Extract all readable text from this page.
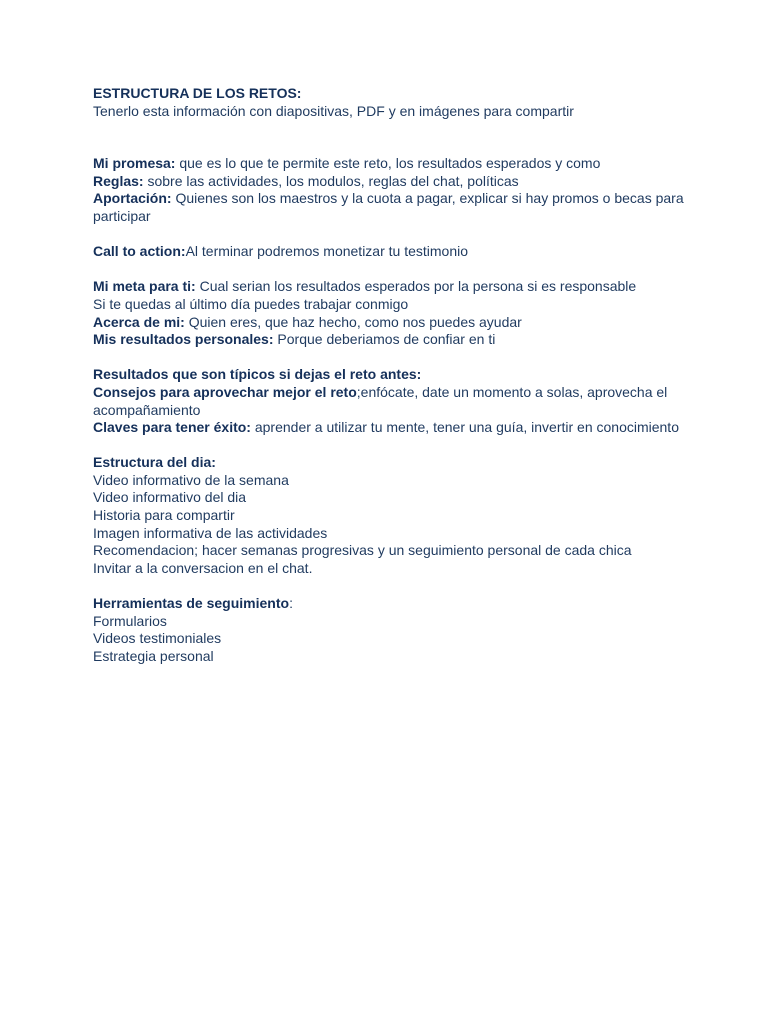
ESTRUCTURA DE LOS RETOS:

Tenerlo esta información con diapositivas, PDF y en imágenes para compartir

Mi promesa: que es lo que te permite este reto, los resultados esperados y como

Reglas: sobre las actividades, los modulos, reglas del chat, políticas

Aportación: Quienes son los maestros y la cuota a pagar, explicar si hay promos o becas para participar

Call to action:Al terminar podremos monetizar tu testimonio

Mi meta para ti: Cual serian los resultados esperados por la persona si es responsable

Si te quedas al último día puedes trabajar conmigo

Acerca de mi: Quien eres, que haz hecho, como nos puedes ayudar

Mis resultados personales: Porque deberiamos de confiar en ti

Resultados que son típicos si dejas el reto antes:

Consejos para aprovechar mejor el reto;enfócate, date un momento a solas, aprovecha el acompañamiento

Claves para tener éxito: aprender a utilizar tu mente, tener una guía, invertir en conocimiento

Estructura del dia:

Video informativo de la semana

Video informativo del dia

Historia para compartir

Imagen informativa de las actividades

Recomendacion; hacer semanas progresivas y un seguimiento personal de cada chica

Invitar a la conversacion en el chat.

Herramientas de seguimiento:

Formularios

Videos testimoniales

Estrategia personal
